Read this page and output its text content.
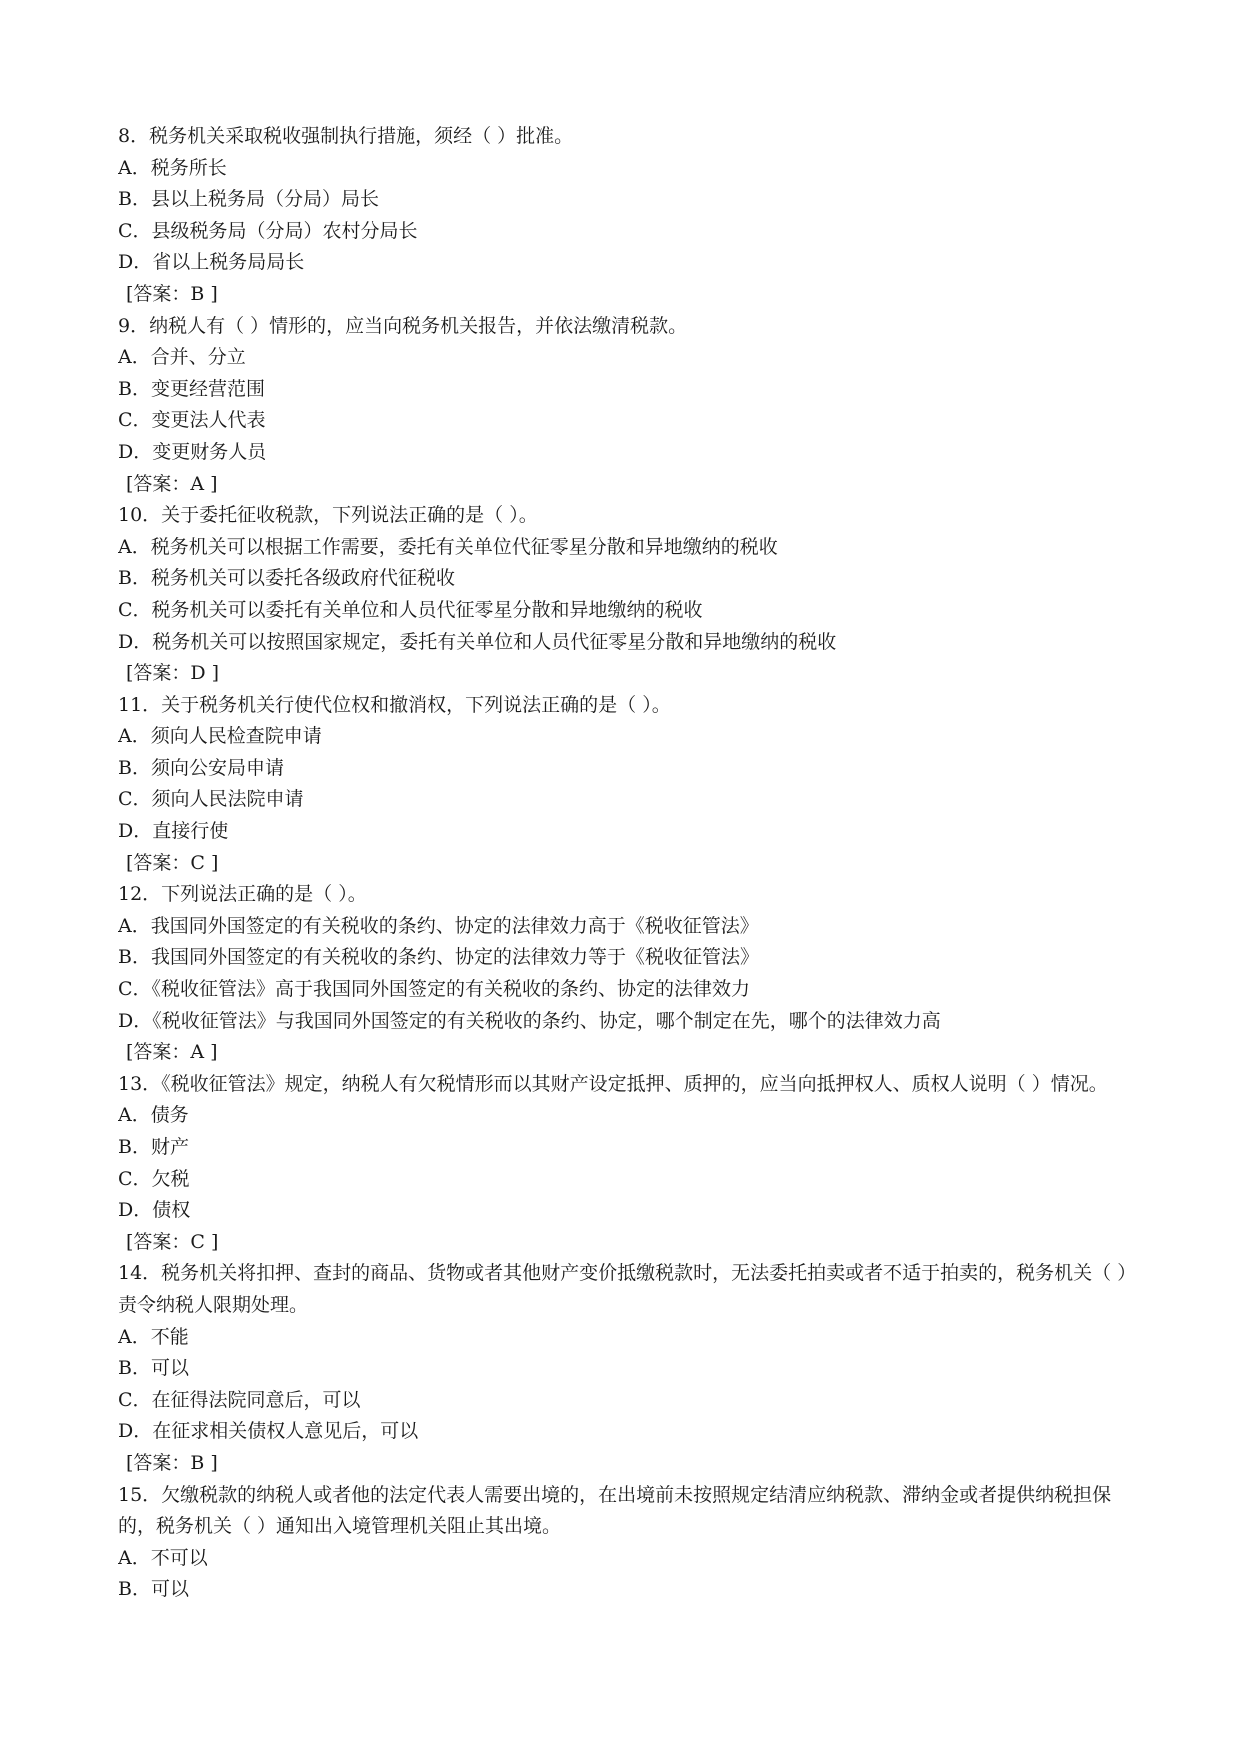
8．税务机关采取税收强制执行措施，须经（ ）批准。
A．税务所长
B．县以上税务局（分局）局长
C．县级税务局（分局）农村分局长
D．省以上税务局局长
[答案：B ]
9．纳税人有（ ）情形的，应当向税务机关报告，并依法缴清税款。
A．合并、分立
B．变更经营范围
C．变更法人代表
D．变更财务人员
[答案：A ]
10．关于委托征收税款，下列说法正确的是（ ）。
A．税务机关可以根据工作需要，委托有关单位代征零星分散和异地缴纳的税收
B．税务机关可以委托各级政府代征税收
C．税务机关可以委托有关单位和人员代征零星分散和异地缴纳的税收
D．税务机关可以按照国家规定，委托有关单位和人员代征零星分散和异地缴纳的税收
[答案：D ]
11．关于税务机关行使代位权和撤消权，下列说法正确的是（ ）。
A．须向人民检查院申请
B．须向公安局申请
C．须向人民法院申请
D．直接行使
[答案：C ]
12．下列说法正确的是（ ）。
A．我国同外国签定的有关税收的条约、协定的法律效力高于《税收征管法》
B．我国同外国签定的有关税收的条约、协定的法律效力等于《税收征管法》
C．《税收征管法》高于我国同外国签定的有关税收的条约、协定的法律效力
D．《税收征管法》与我国同外国签定的有关税收的条约、协定，哪个制定在先，哪个的法律效力高
[答案：A ]
13．《税收征管法》规定，纳税人有欠税情形而以其财产设定抵押、质押的，应当向抵押权人、质权人说明（ ）情况。
A．债务
B．财产
C．欠税
D．债权
[答案：C ]
14．税务机关将扣押、查封的商品、货物或者其他财产变价抵缴税款时，无法委托拍卖或者不适于拍卖的，税务机关（ ）责令纳税人限期处理。
A．不能
B．可以
C．在征得法院同意后，可以
D．在征求相关债权人意见后，可以
[答案：B ]
15．欠缴税款的纳税人或者他的法定代表人需要出境的，在出境前未按照规定结清应纳税款、滞纳金或者提供纳税担保的，税务机关（ ）通知出入境管理机关阻止其出境。
A．不可以
B．可以
